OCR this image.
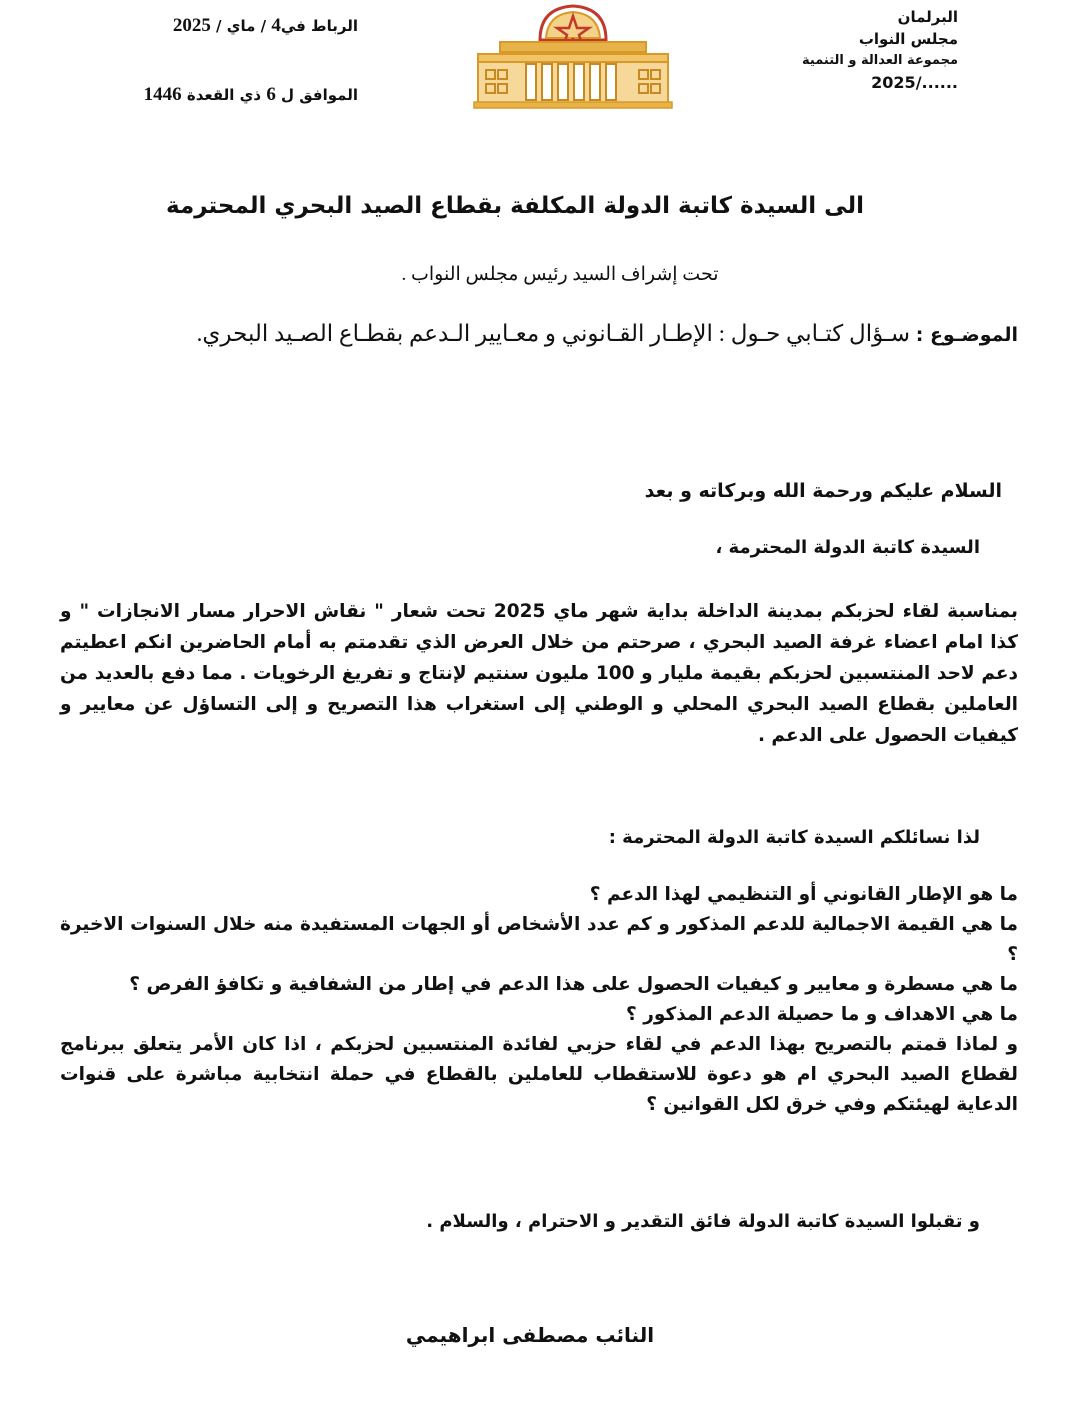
البرلمان
مجلس النواب
مجموعة العدالة و التنمية
2025/......
الرباط في4 / ماي / 2025
الموافق ل 6 ذي القعدة 1446
الى السيدة كاتبة الدولة المكلفة بقطاع الصيد البحري المحترمة
تحت إشراف السيد رئيس مجلس النواب .
الموضـوع : سـؤال كتـابي حـول : الإطـار القـانوني و معـايير الـدعم بقطـاع الصـيد البحري.
السلام عليكم ورحمة الله وبركاته و بعد
السيدة كاتبة الدولة المحترمة ،
بمناسبة لقاء لحزبكم بمدينة الداخلة بداية شهر ماي 2025 تحت شعار " نقاش الاحرار مسار الانجازات " و كذا امام اعضاء غرفة الصيد البحري ، صرحتم من خلال العرض الذي تقدمتم به أمام الحاضرين انكم اعطيتم دعم لاحد المنتسبين لحزبكم بقيمة مليار و 100 مليون سنتيم لإنتاج و تفريغ الرخويات . مما دفع بالعديد من العاملين بقطاع الصيد البحري المحلي و الوطني إلى استغراب هذا التصريح و إلى التساؤل عن معايير و كيفيات الحصول على الدعم .
لذا نسائلكم السيدة كاتبة الدولة المحترمة :
ما هو الإطار القانوني أو التنظيمي لهذا الدعم ؟
ما هي القيمة الاجمالية للدعم المذكور و كم عدد الأشخاص أو الجهات المستفيدة منه خلال السنوات الاخيرة ؟
ما هي مسطرة و معايير و كيفيات الحصول على هذا الدعم في إطار من الشفافية و تكافؤ الفرص ؟
ما هي الاهداف و ما حصيلة الدعم المذكور ؟
و لماذا قمتم بالتصريح بهذا الدعم في لقاء حزبي لفائدة المنتسبين لحزبكم ، اذا كان الأمر يتعلق ببرنامج لقطاع الصيد البحري ام هو دعوة للاستقطاب للعاملين بالقطاع في حملة انتخابية مباشرة على قنوات الدعاية لهيئتكم وفي خرق لكل القوانين ؟
و تقبلوا السيدة كاتبة الدولة فائق التقدير و الاحترام ، والسلام .
النائب مصطفى ابراهيمي
